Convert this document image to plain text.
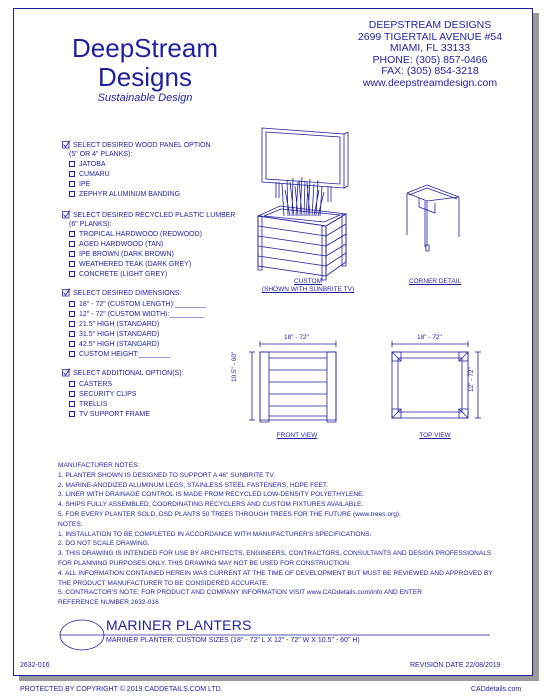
DeepStream
Designs
Sustainable Design
DEEPSTREAM DESIGNS
2699 TIGERTAIL AVENUE #54
MIAMI, FL 33133
PHONE: (305) 857-0466
FAX: (305) 854-3218
www.deepstreamdesign.com
SELECT DESIRED WOOD PANEL OPTION
(5" OR 4" PLANKS):
JATOBA
CUMARU
IPE
ZEPHYR ALUMINUM BANDING
SELECT DESIRED RECYCLED PLASTIC LUMBER
(6" PLANKS):
TROPICAL HARDWOOD (REDWOOD)
AGED HARDWOOD (TAN)
IPE BROWN (DARK BROWN)
WEATHERED TEAK (DARK GREY)
CONCRETE (LIGHT GREY)
SELECT DESIRED DIMENSIONS:
18" - 72" (CUSTOM LENGTH):________
12" - 72" (CUSTOM WIDTH):_________
21.5" HIGH (STANDARD)
31.5" HIGH (STANDARD)
42.5" HIGH (STANDARD)
CUSTOM HEIGHT:________
SELECT ADDITIONAL OPTION(S):
CASTERS
SECURITY CLIPS
TRELLIS
TV SUPPORT FRAME
CUSTOM
(SHOWN WITH SUNBRITE TV)
CORNER DETAIL
18" - 72"
10.5" - 60"
FRONT VIEW
18" - 72"
12" - 72"
TOP VIEW
MANUFACTURER NOTES:
1. PLANTER SHOWN IS DESIGNED TO SUPPORT A 46" SUNBRITE TV.
2. MARINE-ANODIZED ALUMINUM LEGS, STAINLESS STEEL FASTENERS, HDPE FEET.
3. LINER WITH DRAINAGE CONTROL IS MADE FROM RECYCLED LOW-DENSITY POLYETHYLENE.
4. SHIPS FULLY ASSEMBLED; COORDINATING RECYCLERS AND CUSTOM FIXTURES AVAILABLE.
5. FOR EVERY PLANTER SOLD, DSD PLANTS 50 TREES THROUGH TREES FOR THE FUTURE (www.trees.org).
NOTES:
1. INSTALLATION TO BE COMPLETED IN ACCORDANCE WITH MANUFACTURER'S SPECIFICATIONS.
2. DO NOT SCALE DRAWING.
3. THIS DRAWING IS INTENDED FOR USE BY ARCHITECTS, ENGINEERS, CONTRACTORS, CONSULTANTS AND DESIGN PROFESSIONALS
FOR PLANNING PURPOSES ONLY. THIS DRAWING MAY NOT BE USED FOR CONSTRUCTION.
4. ALL INFORMATION CONTAINED HEREIN WAS CURRENT AT THE TIME OF DEVELOPMENT BUT MUST BE REVIEWED AND APPROVED BY
THE PRODUCT MANUFACTURER TO BE CONSIDERED ACCURATE.
5. CONTRACTOR'S NOTE: FOR PRODUCT AND COMPANY INFORMATION VISIT www.CADdetails.com/info AND ENTER
REFERENCE NUMBER 2632-016
MARINER PLANTERS
MARINER PLANTER: CUSTOM SIZES (18" - 72" L X 12" - 72" W X 10.5" - 60" H)
2632-016	REVISION DATE 22/08/2019
PROTECTED BY COPYRIGHT © 2019 CADDETAILS.COM LTD.	CADdetails.com
